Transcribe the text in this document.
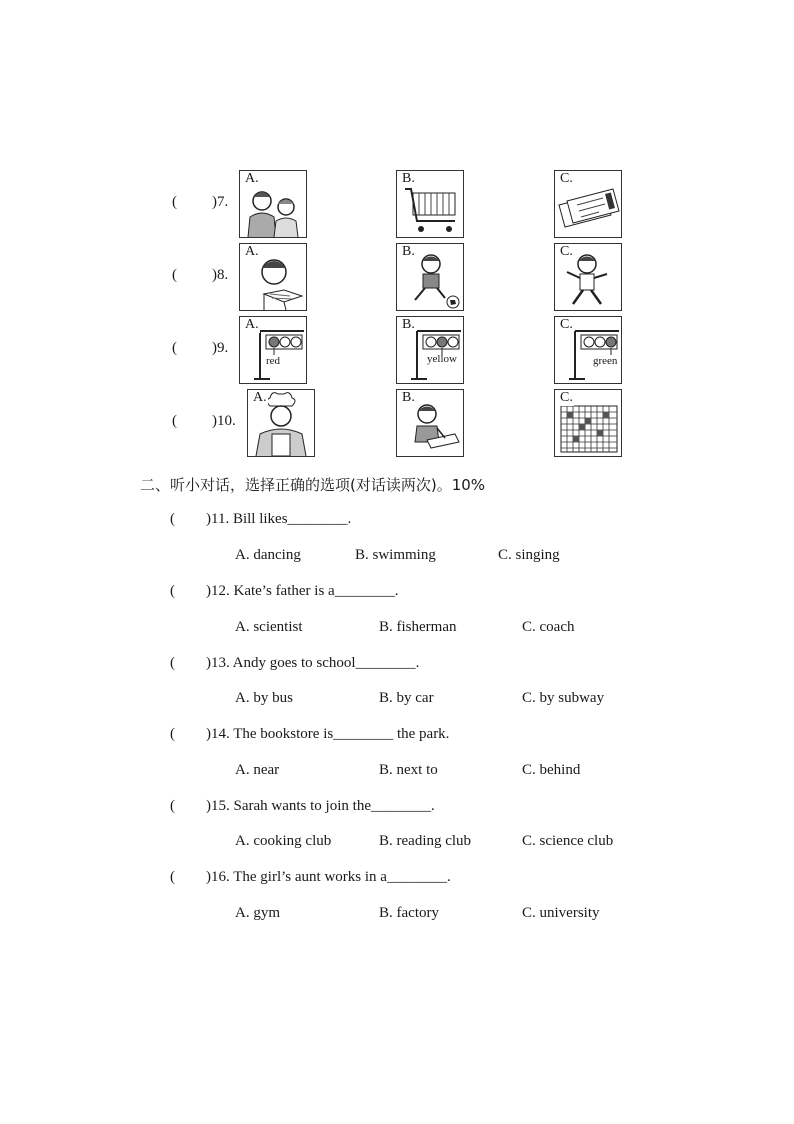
( )7.
A.	B.	C.
( )8.
A.	B.	C.
( )9.
A.
red
B.
yellow
C.
green
( )10.
A.	B.	C.
二、听小对话，选择正确的选项(对话读两次)。10%
( )11. Bill likes________.
A. dancing	B. swimming	C. singing
( )12. Kate’s father is a________.
A. scientist	B. fisherman	C. coach
( )13. Andy goes to school________.
A. by bus	B. by car	C. by subway
( )14. The bookstore is________ the park.
A. near	B. next to	C. behind
( )15. Sarah wants to join the________.
A. cooking club	B. reading club	C. science club
( )16. The girl’s aunt works in a________.
A. gym	B. factory	C. university
